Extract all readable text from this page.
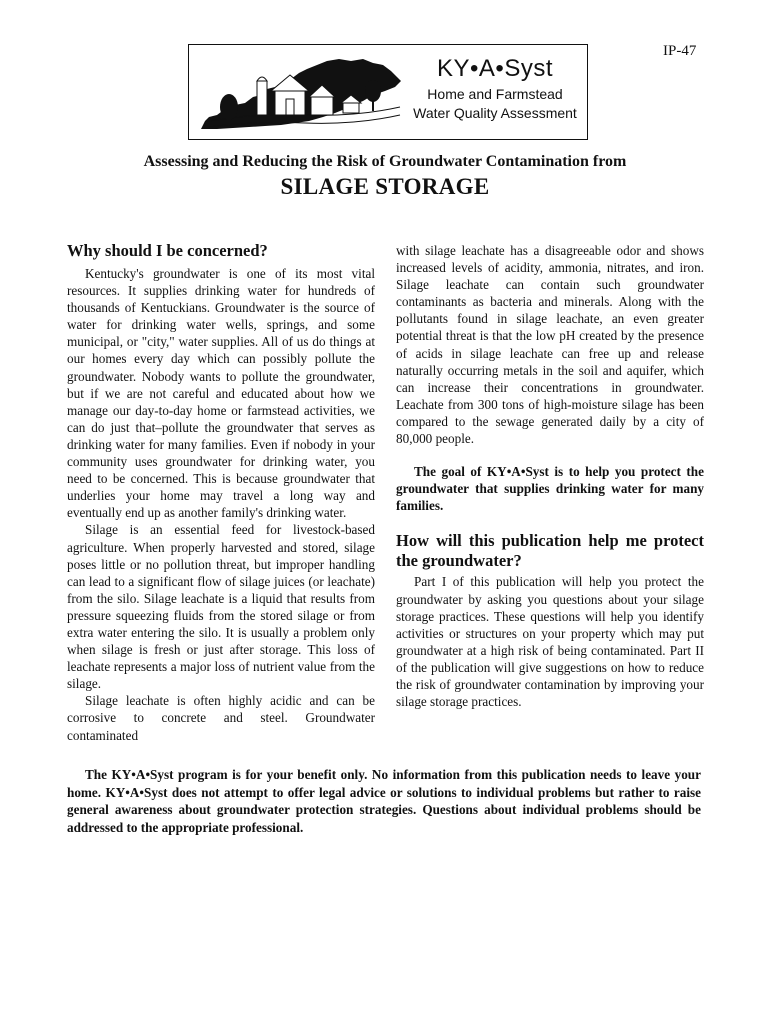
IP-47
KY•A•Syst
Home and Farmstead
Water Quality Assessment
Assessing and Reducing the Risk of Groundwater Contamination from
SILAGE STORAGE
Why should I be concerned?

Kentucky's groundwater is one of its most vital resources. It supplies drinking water for hundreds of thousands of Kentuckians. Groundwater is the source of water for drinking water wells, springs, and some municipal, or "city," water supplies. All of us do things at our homes every day which can possibly pollute the groundwater. Nobody wants to pollute the groundwater, but if we are not careful and educated about how we manage our day-to-day home or farmstead activities, we can do just that–pollute the groundwater that serves as drinking water for many families. Even if nobody in your community uses groundwater for drinking water, you need to be concerned. This is because groundwater that underlies your home may travel a long way and eventually end up as another family's drinking water.

Silage is an essential feed for livestock-based agriculture. When properly harvested and stored, silage poses little or no pollution threat, but improper handling can lead to a significant flow of silage juices (or leachate) from the silo. Silage leachate is a liquid that results from pressure squeezing fluids from the stored silage or from extra water entering the silo. It is usually a problem only when silage is fresh or just after storage. This loss of leachate represents a major loss of nutrient value from the silage.

Silage leachate is often highly acidic and can be corrosive to concrete and steel. Groundwater contaminated

with silage leachate has a disagreeable odor and shows increased levels of acidity, ammonia, nitrates, and iron. Silage leachate can contain such groundwater contaminants as bacteria and minerals. Along with the pollutants found in silage leachate, an even greater potential threat is that the low pH created by the presence of acids in silage leachate can free up and release naturally occurring metals in the soil and aquifer, which can increase their concentrations in groundwater. Leachate from 300 tons of high-moisture silage has been compared to the sewage generated daily by a city of 80,000 people.

The goal of KY•A•Syst is to help you protect the groundwater that supplies drinking water for many families.

How will this publication help me protect the groundwater?

Part I of this publication will help you protect the groundwater by asking you questions about your silage storage practices. These questions will help you identify activities or structures on your property which may put groundwater at a high risk of being contaminated. Part II of the publication will give suggestions on how to reduce the risk of groundwater contamination by improving your silage storage practices.

The KY•A•Syst program is for your benefit only. No information from this publication needs to leave your home. KY•A•Syst does not attempt to offer legal advice or solutions to individual problems but rather to raise general awareness about groundwater protection strategies. Questions about individual problems should be addressed to the appropriate professional.
